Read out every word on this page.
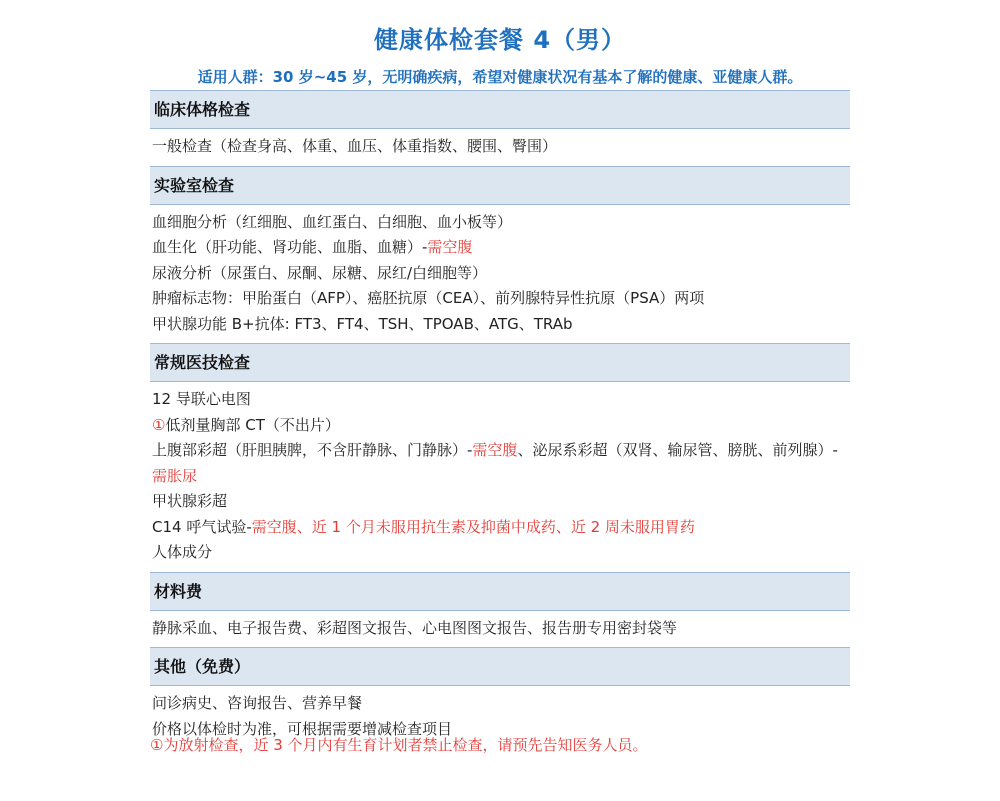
健康体检套餐 4（男）
适用人群：30 岁~45 岁，无明确疾病，希望对健康状况有基本了解的健康、亚健康人群。
临床体格检查
一般检查（检查身高、体重、血压、体重指数、腰围、臀围）
实验室检查
血细胞分析（红细胞、血红蛋白、白细胞、血小板等）
血生化（肝功能、肾功能、血脂、血糖）-需空腹
尿液分析（尿蛋白、尿酮、尿糖、尿红/白细胞等）
肿瘤标志物：甲胎蛋白（AFP）、癌胚抗原（CEA）、前列腺特异性抗原（PSA）两项
甲状腺功能 B+抗体: FT3、FT4、TSH、TPOAB、ATG、TRAb
常规医技检查
12 导联心电图
①低剂量胸部 CT（不出片）
上腹部彩超（肝胆胰脾，不含肝静脉、门静脉）-需空腹、泌尿系彩超（双肾、输尿管、膀胱、前列腺）-需胀尿
甲状腺彩超
C14 呼气试验-需空腹、近 1 个月未服用抗生素及抑菌中成药、近 2 周未服用胃药
人体成分
材料费
静脉采血、电子报告费、彩超图文报告、心电图图文报告、报告册专用密封袋等
其他（免费）
问诊病史、咨询报告、营养早餐
价格以体检时为准，可根据需要增减检查项目
①为放射检查，近 3 个月内有生育计划者禁止检查，请预先告知医务人员。
